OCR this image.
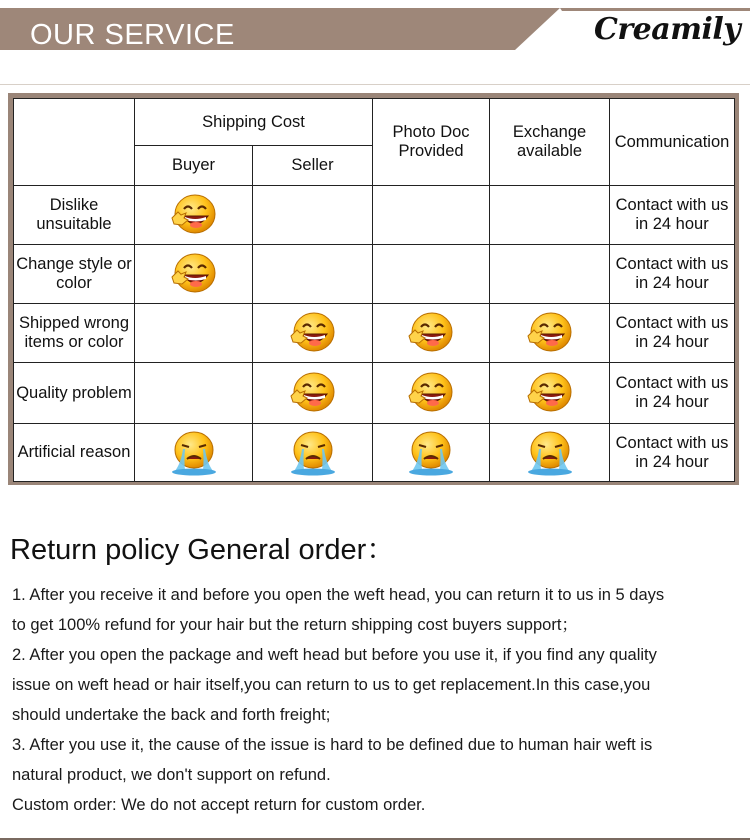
OUR SERVICE	Creamily
	Shipping Cost		Photo Doc Provided	Exchange available	Communication
	Buyer	Seller			
Dislike unsuitable					Contact with us in 24 hour
Change style or color					Contact with us in 24 hour
Shipped wrong items or color					Contact with us in 24 hour
Quality problem					Contact with us in 24 hour
Artificial reason					Contact with us in 24 hour
Return policy General order：
1. After you receive it and before you open the weft head, you can return it to us in 5 days
to get 100% refund for your hair but the return shipping cost buyers support；
2. After you open the package and weft head but before you use it, if you find any quality
issue on weft head or hair itself,you can return to us to get replacement.In this case,you
should undertake the back and forth freight;
3. After you use it, the cause of the issue is hard to be defined due to human hair weft is
natural product, we don't support on refund.
Custom order: We do not accept return for custom order.
